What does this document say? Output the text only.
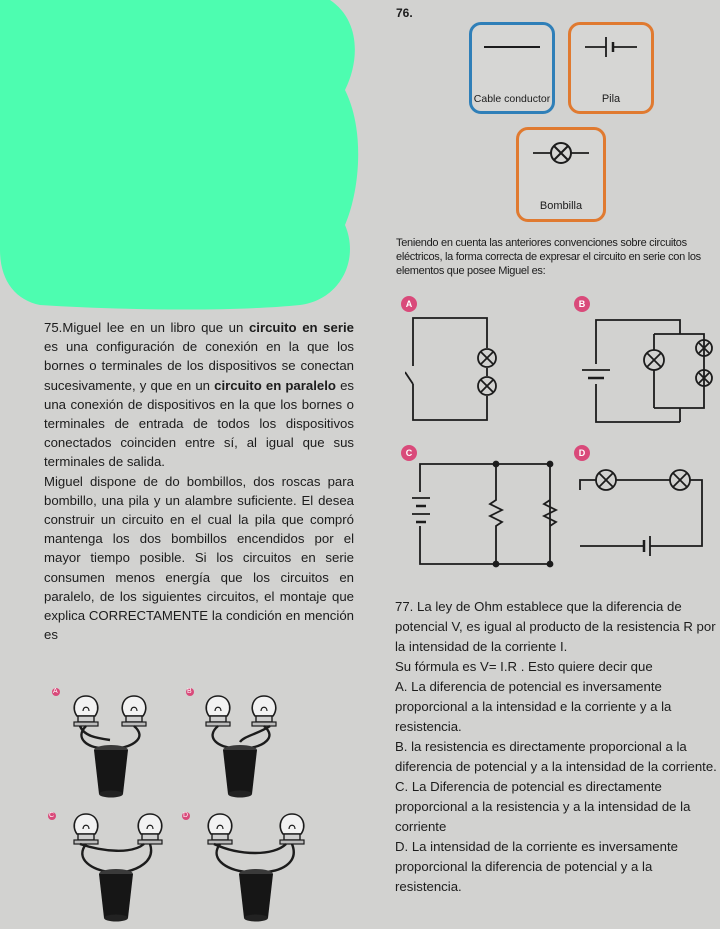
76.
Cable conductor	Pila
Bombilla
Teniendo en cuenta las anteriores convenciones sobre circuitos eléctricos, la forma correcta de expresar el circuito en serie con los elementos que posee Miguel es:
A	B
C	D
75.Miguel lee en un libro que un circuito en serie es una configuración de conexión en la que los bornes o terminales de los dispositivos se conectan sucesivamente, y que en un circuito en paralelo es una conexión de dispositivos en la que los bornes o terminales de entrada de todos los dispositivos conectados coinciden entre sí, al igual que sus terminales de salida.
Miguel dispone de do bombillos, dos roscas para bombillo, una pila y un alambre suficiente. El desea construir un circuito en el cual la pila que compró mantenga los dos bombillos encendidos por el mayor tiempo posible. Si los circuitos en serie consumen menos energía que los circuitos en paralelo, de los siguientes circuitos, el montaje que explica CORRECTAMENTE la condición en mención es
A	B
C	D
77. La ley de Ohm establece que la diferencia de potencial V, es igual al producto de la resistencia R por la intensidad de la corriente I.
Su fórmula es V= I.R . Esto quiere decir que
A. La diferencia de potencial es inversamente proporcional a la intensidad e la corriente y a la resistencia.
B. la resistencia es directamente proporcional a la diferencia de potencial y a la intensidad de la corriente.
C. La Diferencia de potencial es directamente proporcional a la resistencia y a la intensidad de la corriente
D. La intensidad de la corriente es inversamente proporcional la diferencia de potencial y a la resistencia.
